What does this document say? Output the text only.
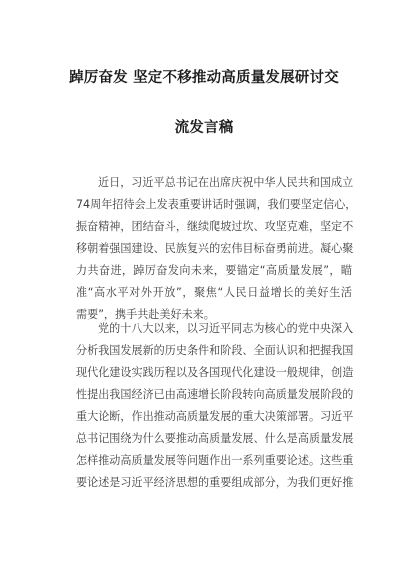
踔厉奋发 坚定不移推动高质量发展研讨交
流发言稿
近日，习近平总书记在出席庆祝中华人民共和国成立
74周年招待会上发表重要讲话时强调，我们要坚定信心，
振奋精神，团结奋斗，继续爬坡过坎、攻坚克难，坚定不
移朝着强国建设、民族复兴的宏伟目标奋勇前进。凝心聚
力共奋进，踔厉奋发向未来，要锚定“高质量发展”，瞄
准“高水平对外开放”，聚焦“人民日益增长的美好生活
需要”，携手共赴美好未来。
党的十八大以来，以习近平同志为核心的党中央深入
分析我国发展新的历史条件和阶段、全面认识和把握我国
现代化建设实践历程以及各国现代化建设一般规律，创造
性提出我国经济已由高速增长阶段转向高质量发展阶段的
重大论断，作出推动高质量发展的重大决策部署。习近平
总书记围绕为什么要推动高质量发展、什么是高质量发展
怎样推动高质量发展等问题作出一系列重要论述。这些重
要论述是习近平经济思想的重要组成部分，为我们更好推
